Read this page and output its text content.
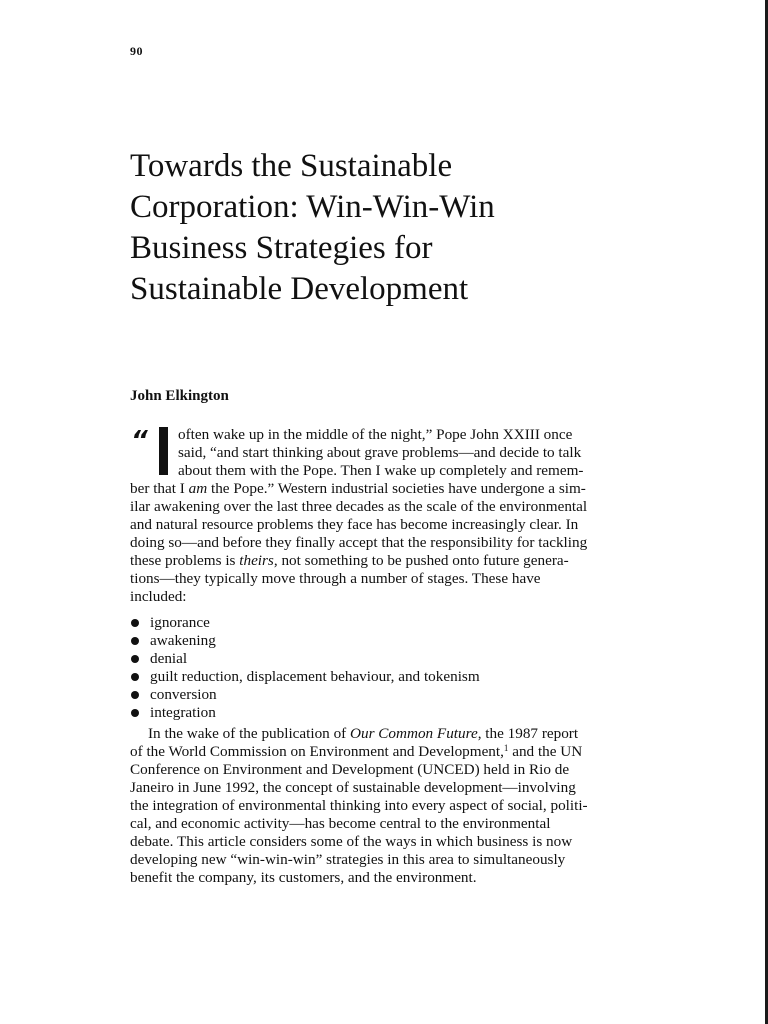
90
Towards the Sustainable
Corporation: Win-Win-Win
Business Strategies for
Sustainable Development
John Elkington
“	often wake up in the middle of the night,” Pope John XXIII once
said, “and start thinking about grave problems—and decide to talk
about them with the Pope. Then I wake up completely and remem-
ber that I am the Pope.” Western industrial societies have undergone a sim-
ilar awakening over the last three decades as the scale of the environmental
and natural resource problems they face has become increasingly clear. In
doing so—and before they finally accept that the responsibility for tackling
these problems is theirs, not something to be pushed onto future genera-
tions—they typically move through a number of stages. These have
included:
ignorance
awakening
denial
guilt reduction, displacement behaviour, and tokenism
conversion
integration
In the wake of the publication of Our Common Future, the 1987 report
of the World Commission on Environment and Development,$^1$ and the UN
Conference on Environment and Development (UNCED) held in Rio de
Janeiro in June 1992, the concept of sustainable development—involving
the integration of environmental thinking into every aspect of social, politi-
cal, and economic activity—has become central to the environmental
debate. This article considers some of the ways in which business is now
developing new “win-win-win” strategies in this area to simultaneously
benefit the company, its customers, and the environment.
